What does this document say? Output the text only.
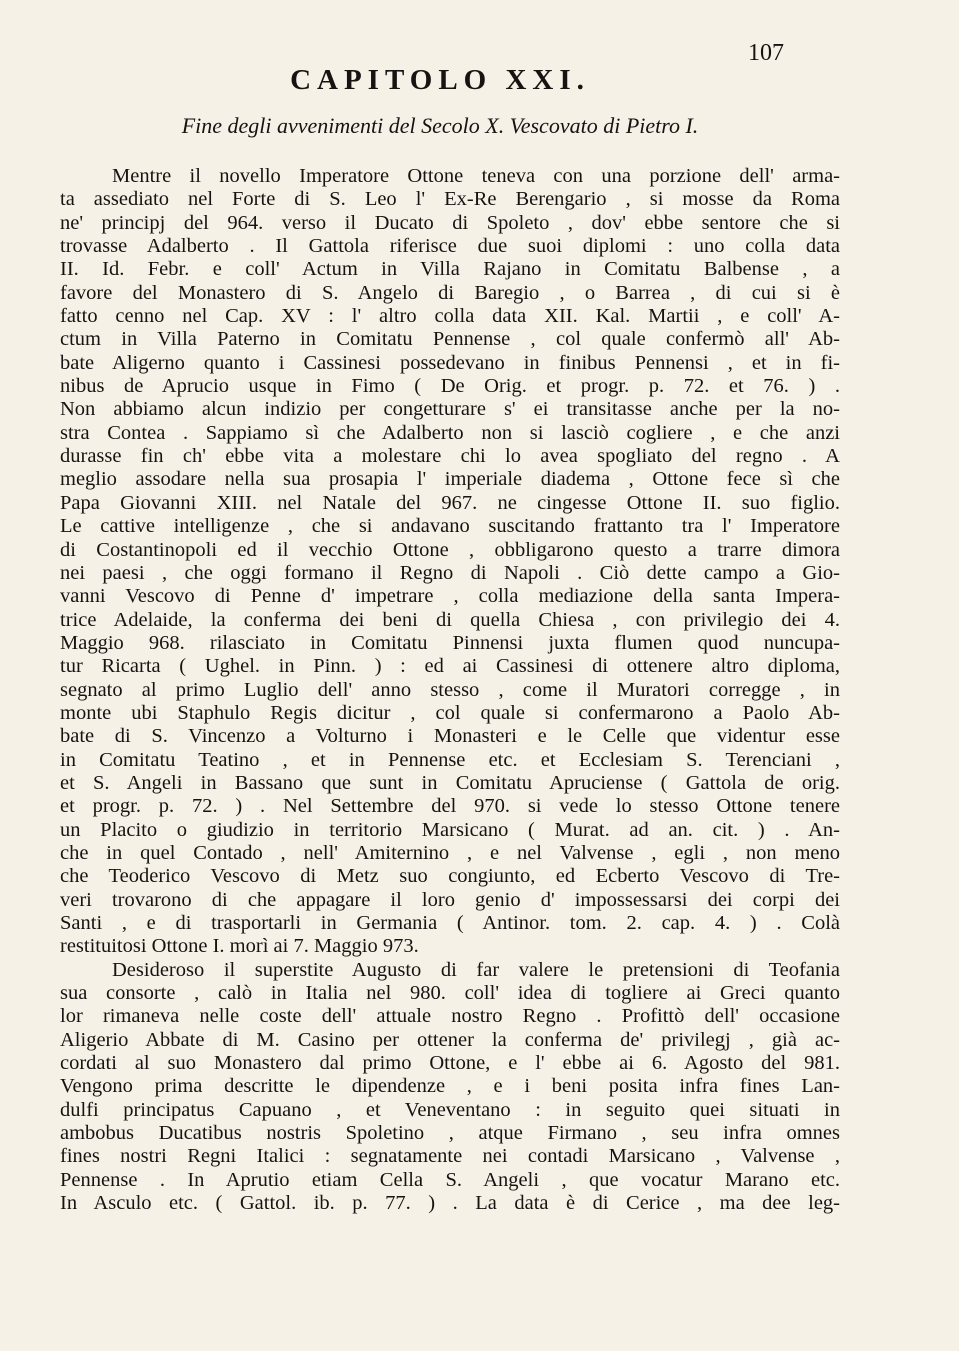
107
CAPITOLO XXI.
Fine degli avvenimenti del Secolo X. Vescovato di Pietro I.
Mentre il novello Imperatore Ottone teneva con una porzione dell' arma-
ta assediato nel Forte di S. Leo l' Ex-Re Berengario , si mosse da Roma
ne' principj del 964. verso il Ducato di Spoleto , dov' ebbe sentore che si
trovasse Adalberto . Il Gattola riferisce due suoi diplomi : uno colla data
II. Id. Febr. e coll' Actum in Villa Rajano in Comitatu Balbense , a
favore del Monastero di S. Angelo di Baregio , o Barrea , di cui si è
fatto cenno nel Cap. XV : l' altro colla data XII. Kal. Martii , e coll' A-
ctum in Villa Paterno in Comitatu Pennense , col quale confermò all' Ab-
bate Aligerno quanto i Cassinesi possedevano in finibus Pennensi , et in fi-
nibus de Aprucio usque in Fimo ( De Orig. et progr. p. 72. et 76. ) .
Non abbiamo alcun indizio per congetturare s' ei transitasse anche per la no-
stra Contea . Sappiamo sì che Adalberto non si lasciò cogliere , e che anzi
durasse fin ch' ebbe vita a molestare chi lo avea spogliato del regno . A
meglio assodare nella sua prosapia l' imperiale diadema , Ottone fece sì che
Papa Giovanni XIII. nel Natale del 967. ne cingesse Ottone II. suo figlio.
Le cattive intelligenze , che si andavano suscitando frattanto tra l' Imperatore
di Costantinopoli ed il vecchio Ottone , obbligarono questo a trarre dimora
nei paesi , che oggi formano il Regno di Napoli . Ciò dette campo a Gio-
vanni Vescovo di Penne d' impetrare , colla mediazione della santa Impera-
trice Adelaide, la conferma dei beni di quella Chiesa , con privilegio dei 4.
Maggio 968. rilasciato in Comitatu Pinnensi juxta flumen quod nuncupa-
tur Ricarta ( Ughel. in Pinn. ) : ed ai Cassinesi di ottenere altro diploma,
segnato al primo Luglio dell' anno stesso , come il Muratori corregge , in
monte ubi Staphulo Regis dicitur , col quale si confermarono a Paolo Ab-
bate di S. Vincenzo a Volturno i Monasteri e le Celle que videntur esse
in Comitatu Teatino , et in Pennense etc. et Ecclesiam S. Terenciani ,
et S. Angeli in Bassano que sunt in Comitatu Apruciense ( Gattola de orig.
et progr. p. 72. ) . Nel Settembre del 970. si vede lo stesso Ottone tenere
un Placito o giudizio in territorio Marsicano ( Murat. ad an. cit. ) . An-
che in quel Contado , nell' Amiternino , e nel Valvense , egli , non meno
che Teoderico Vescovo di Metz suo congiunto, ed Ecberto Vescovo di Tre-
veri trovarono di che appagare il loro genio d' impossessarsi dei corpi dei
Santi , e di trasportarli in Germania ( Antinor. tom. 2. cap. 4. ) . Colà
restituitosi Ottone I. morì ai 7. Maggio 973.
Desideroso il superstite Augusto di far valere le pretensioni di Teofania
sua consorte , calò in Italia nel 980. coll' idea di togliere ai Greci quanto
lor rimaneva nelle coste dell' attuale nostro Regno . Profittò dell' occasione
Aligerio Abbate di M. Casino per ottener la conferma de' privilegj , già ac-
cordati al suo Monastero dal primo Ottone, e l' ebbe ai 6. Agosto del 981.
Vengono prima descritte le dipendenze , e i beni posita infra fines Lan-
dulfi principatus Capuano , et Veneventano : in seguito quei situati in
ambobus Ducatibus nostris Spoletino , atque Firmano , seu infra omnes
fines nostri Regni Italici : segnatamente nei contadi Marsicano , Valvense ,
Pennense . In Aprutio etiam Cella S. Angeli , que vocatur Marano etc.
In Asculo etc. ( Gattol. ib. p. 77. ) . La data è di Cerice , ma dee leg-
